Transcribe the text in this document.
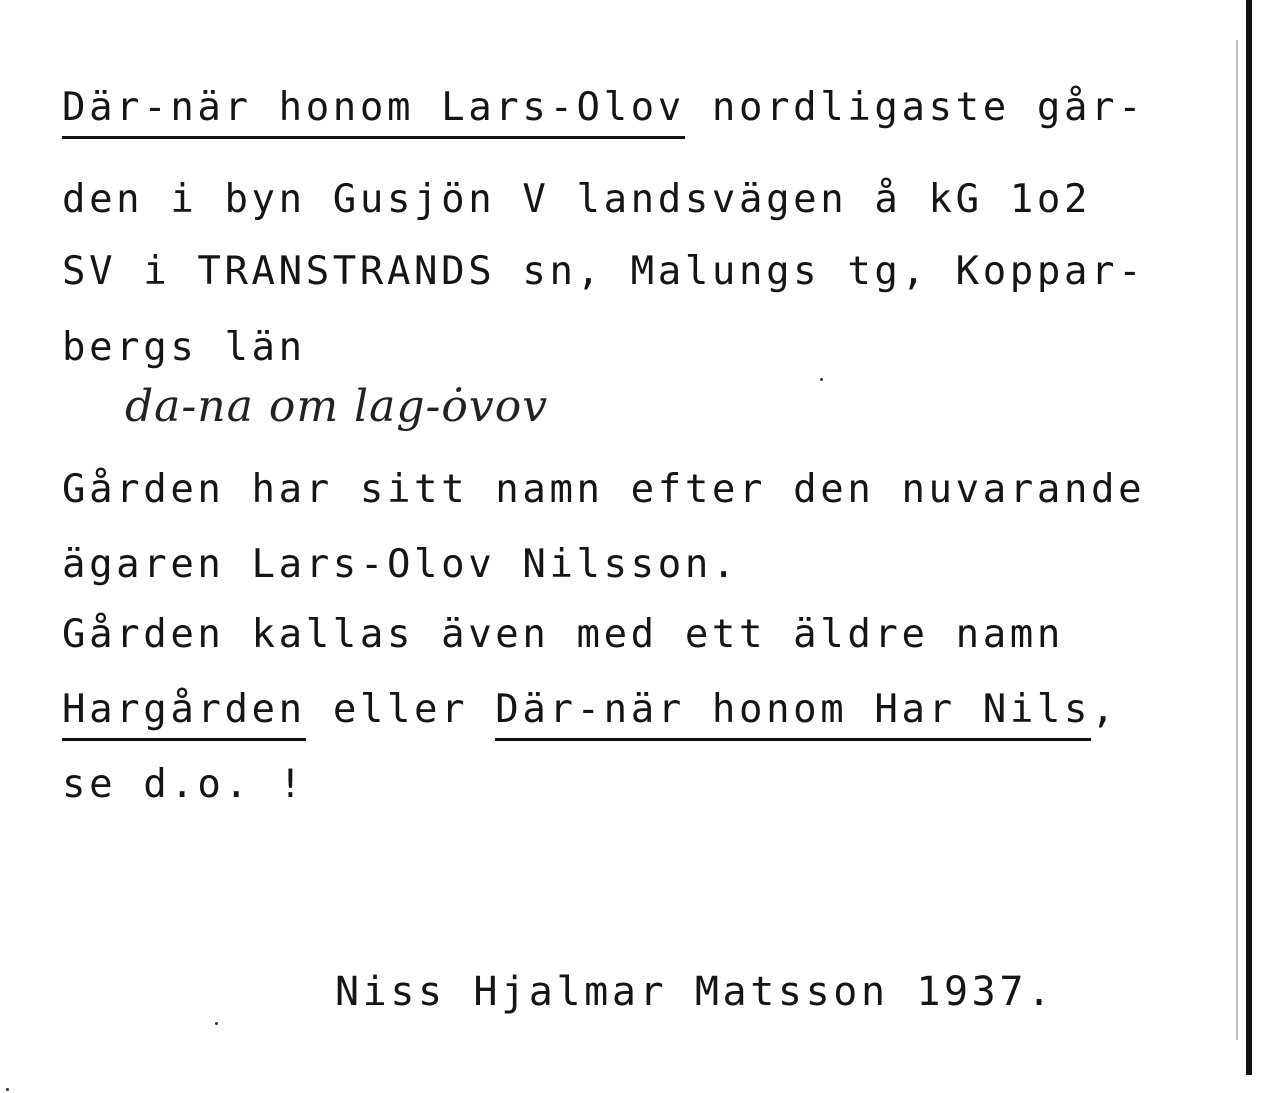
Där-när honom Lars-Olov nordligaste går-
den i byn Gusjön V landsvägen å kG 1o2
SV i TRANSTRANDS sn, Malungs tg, Koppar-
bergs län
da-na om lag-ȯvov
Gården har sitt namn efter den nuvarande
ägaren Lars-Olov Nilsson.
Gården kallas även med ett äldre namn
Hargården eller Där-när honom Har Nils,
se d.o. !
Niss Hjalmar Matsson 1937.
